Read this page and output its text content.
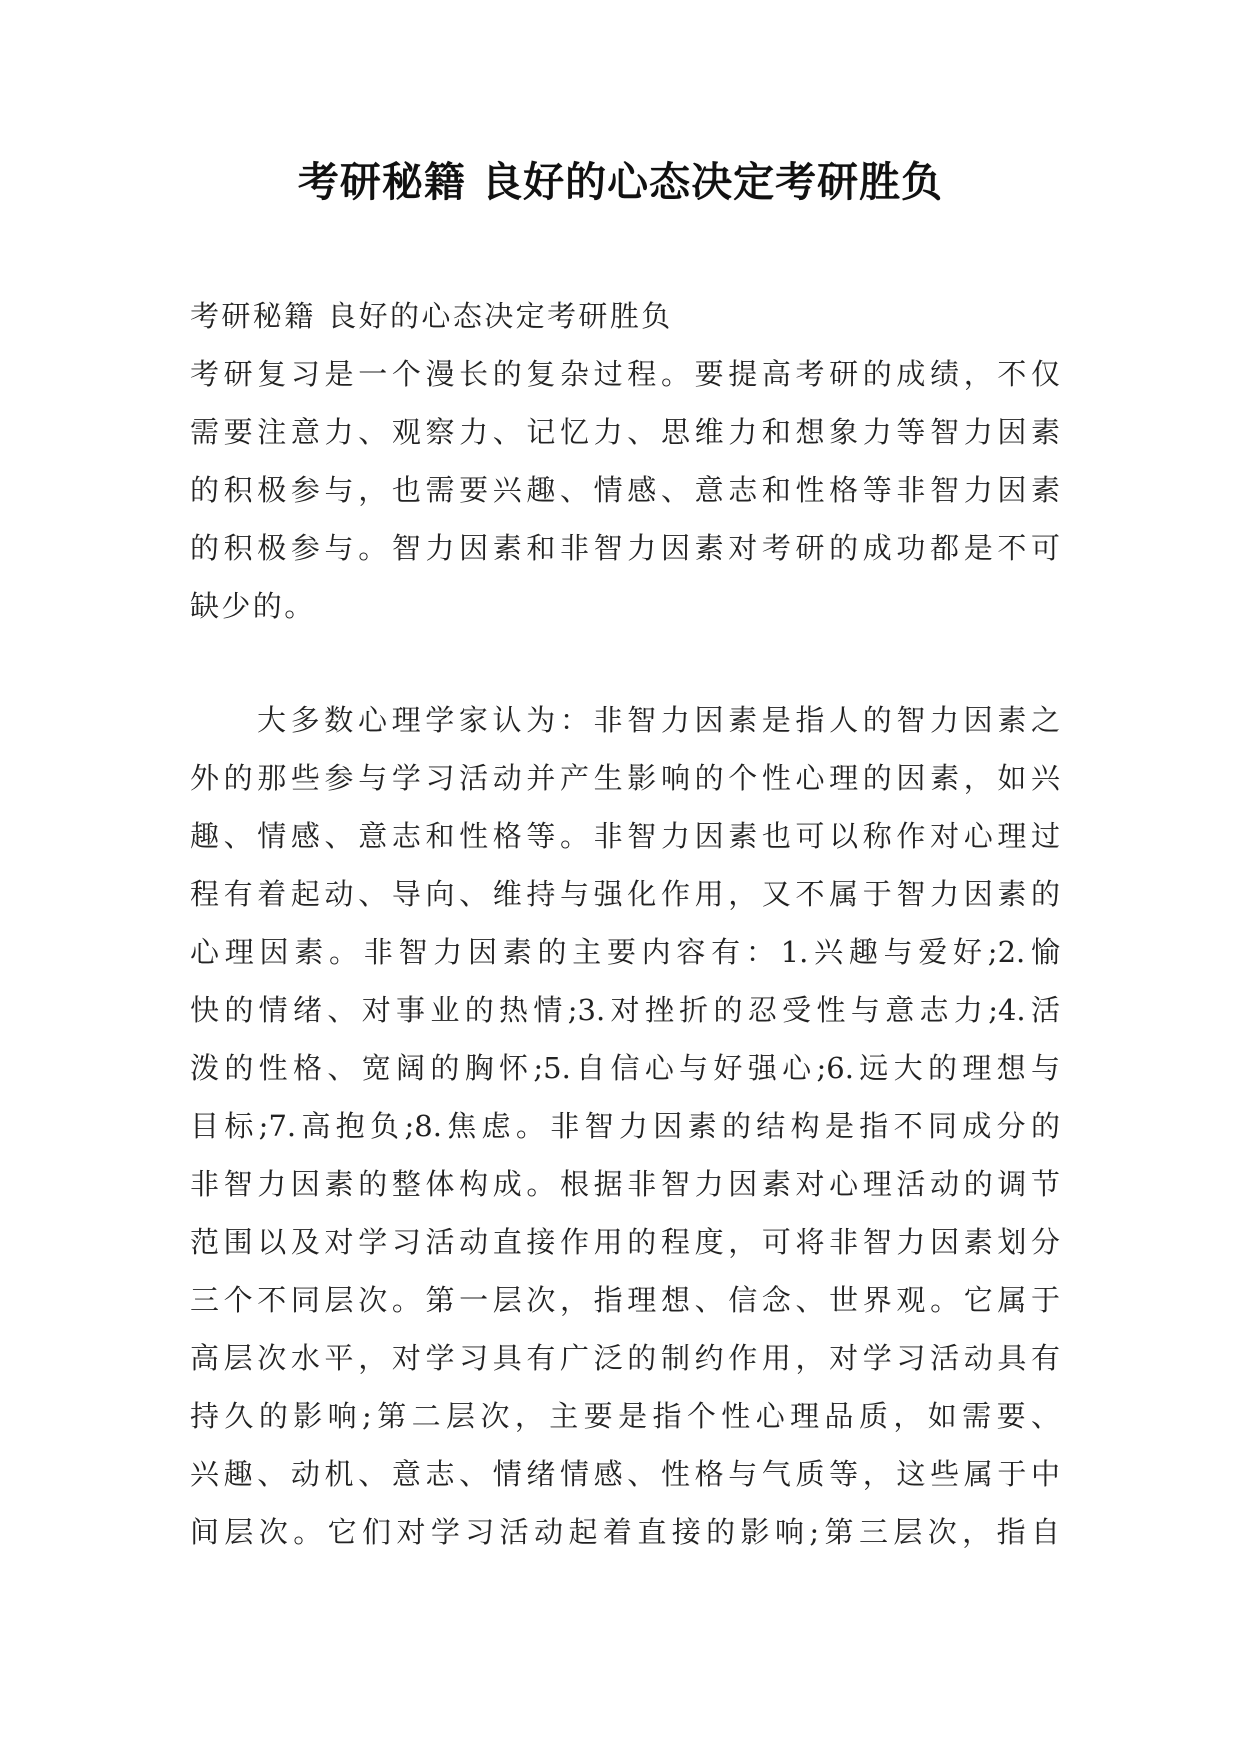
考研秘籍 良好的心态决定考研胜负
考研秘籍 良好的心态决定考研胜负
考研复习是一个漫长的复杂过程。要提高考研的成绩，不仅
需要注意力、观察力、记忆力、思维力和想象力等智力因素
的积极参与，也需要兴趣、情感、意志和性格等非智力因素
的积极参与。智力因素和非智力因素对考研的成功都是不可
缺少的。
大多数心理学家认为：非智力因素是指人的智力因素之
外的那些参与学习活动并产生影响的个性心理的因素，如兴
趣、情感、意志和性格等。非智力因素也可以称作对心理过
程有着起动、导向、维持与强化作用，又不属于智力因素的
心理因素。非智力因素的主要内容有：1.兴趣与爱好;2.愉
快的情绪、对事业的热情;3.对挫折的忍受性与意志力;4.活
泼的性格、宽阔的胸怀;5.自信心与好强心;6.远大的理想与
目标;7.高抱负;8.焦虑。非智力因素的结构是指不同成分的
非智力因素的整体构成。根据非智力因素对心理活动的调节
范围以及对学习活动直接作用的程度，可将非智力因素划分
三个不同层次。第一层次，指理想、信念、世界观。它属于
高层次水平，对学习具有广泛的制约作用，对学习活动具有
持久的影响;第二层次，主要是指个性心理品质，如需要、
兴趣、动机、意志、情绪情感、性格与气质等，这些属于中
间层次。它们对学习活动起着直接的影响;第三层次，指自
